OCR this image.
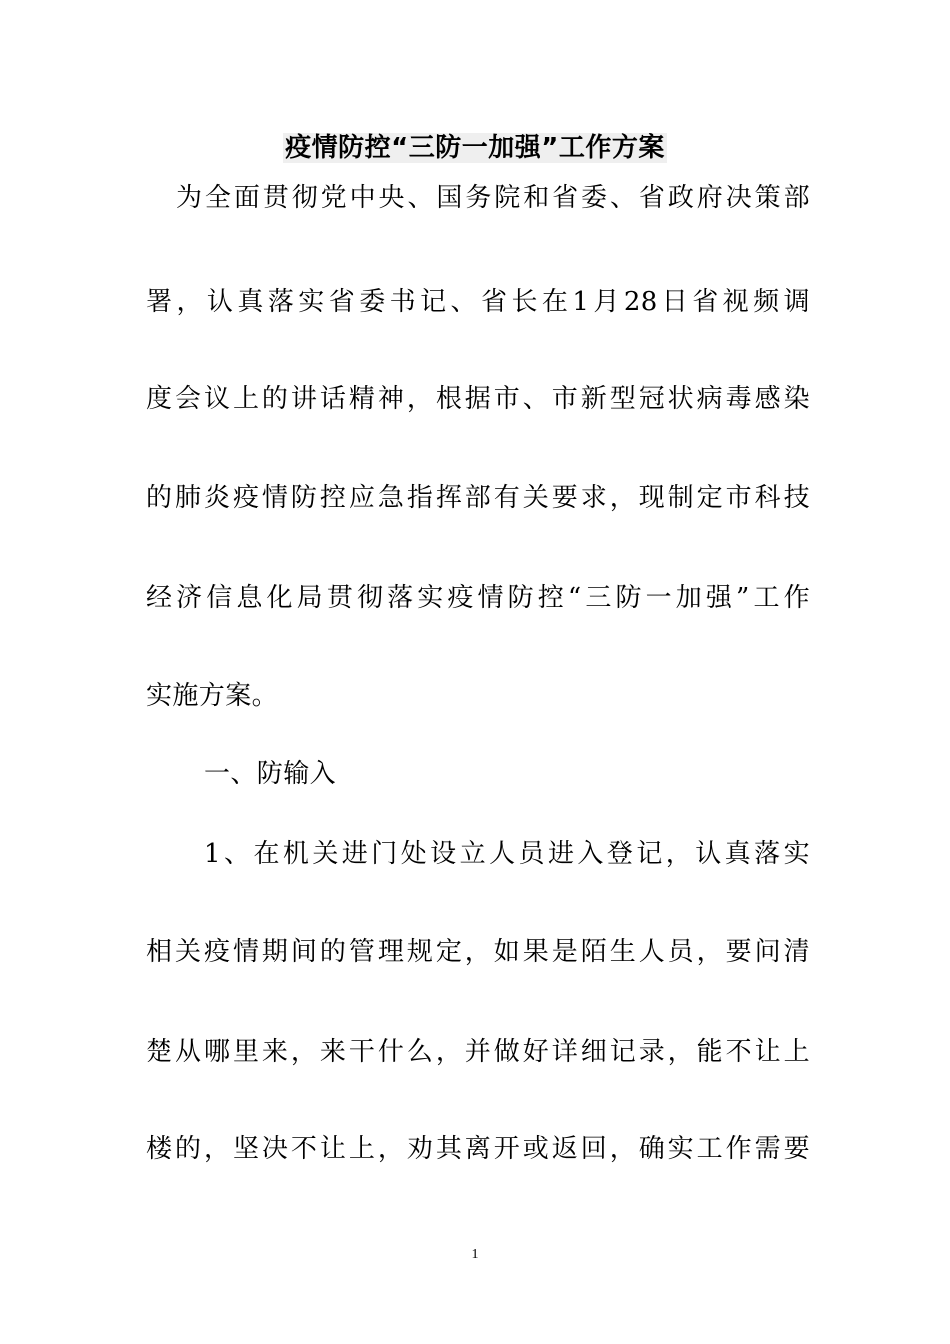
疫情防控“三防一加强”工作方案

为全面贯彻党中央、国务院和省委、省政府决策部

署，认真落实省委书记、省长在1月28日省视频调

度会议上的讲话精神，根据市、市新型冠状病毒感染

的肺炎疫情防控应急指挥部有关要求，现制定市科技

经济信息化局贯彻落实疫情防控“三防一加强”工作

实施方案。

一、防输入

1、在机关进门处设立人员进入登记，认真落实

相关疫情期间的管理规定，如果是陌生人员，要问清

楚从哪里来，来干什么，并做好详细记录，能不让上

楼的，坚决不让上，劝其离开或返回，确实工作需要

1
